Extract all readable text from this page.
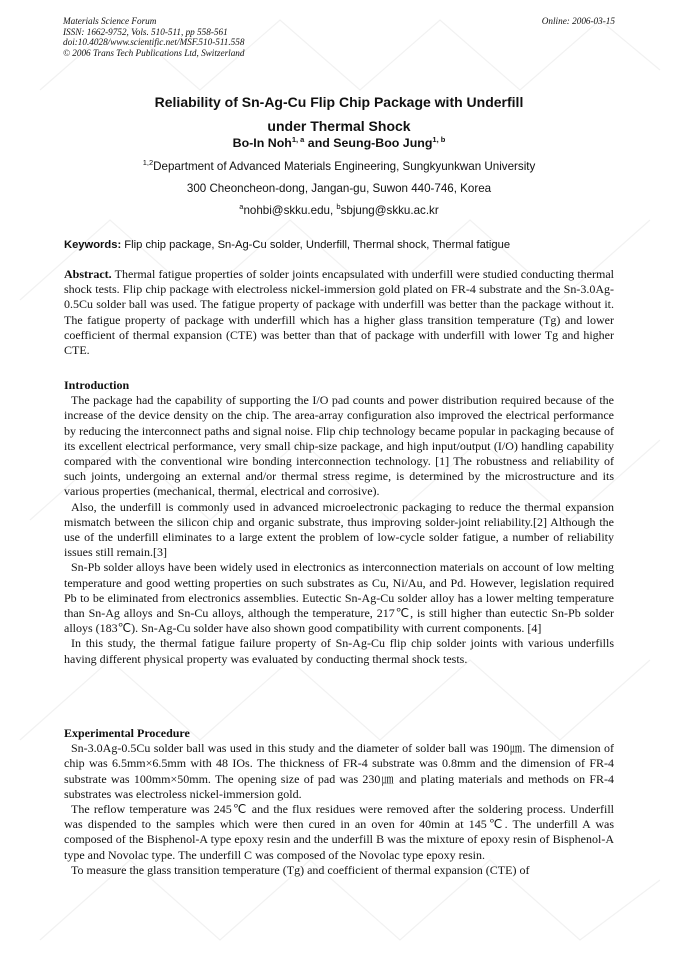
Materials Science Forum
ISSN: 1662-9752, Vols. 510-511, pp 558-561
doi:10.4028/www.scientific.net/MSF.510-511.558
© 2006 Trans Tech Publications Ltd, Switzerland
Online: 2006-03-15
Reliability of Sn-Ag-Cu Flip Chip Package with Underfill
under Thermal Shock
Bo-In Noh$^{1, a}$ and Seung-Boo Jung$^{1, b}$
$^{1,2}$Department of Advanced Materials Engineering, Sungkyunkwan University
300 Cheoncheon-dong, Jangan-gu, Suwon 440-746, Korea
$^a$nohbi@skku.edu, $^b$sbjung@skku.ac.kr
Keywords: Flip chip package, Sn-Ag-Cu solder, Underfill, Thermal shock, Thermal fatigue

Abstract. Thermal fatigue properties of solder joints encapsulated with underfill were studied conducting thermal shock tests. Flip chip package with electroless nickel-immersion gold plated on FR-4 substrate and the Sn-3.0Ag-0.5Cu solder ball was used. The fatigue property of package with underfill was better than the package without it. The fatigue property of package with underfill which has a higher glass transition temperature (Tg) and lower coefficient of thermal expansion (CTE) was better than that of package with underfill with lower Tg and higher CTE.

Introduction

The package had the capability of supporting the I/O pad counts and power distribution required because of the increase of the device density on the chip. The area-array configuration also improved the electrical performance by reducing the interconnect paths and signal noise. Flip chip technology became popular in packaging because of its excellent electrical performance, very small chip-size package, and high input/output (I/O) handling capability compared with the conventional wire bonding interconnection technology. [1] The robustness and reliability of such joints, undergoing an external and/or thermal stress regime, is determined by the microstructure and its various properties (mechanical, thermal, electrical and corrosive).

Also, the underfill is commonly used in advanced microelectronic packaging to reduce the thermal expansion mismatch between the silicon chip and organic substrate, thus improving solder-joint reliability.[2] Although the use of the underfill eliminates to a large extent the problem of low-cycle solder fatigue, a number of reliability issues still remain.[3]

Sn-Pb solder alloys have been widely used in electronics as interconnection materials on account of low melting temperature and good wetting properties on such substrates as Cu, Ni/Au, and Pd. However, legislation required Pb to be eliminated from electronics assemblies. Eutectic Sn-Ag-Cu solder alloy has a lower melting temperature than Sn-Ag alloys and Sn-Cu alloys, although the temperature, 217℃, is still higher than eutectic Sn-Pb solder alloys (183℃). Sn-Ag-Cu solder have also shown good compatibility with current components. [4]

In this study, the thermal fatigue failure property of Sn-Ag-Cu flip chip solder joints with various underfills having different physical property was evaluated by conducting thermal shock tests.

Experimental Procedure

Sn-3.0Ag-0.5Cu solder ball was used in this study and the diameter of solder ball was 190㎛. The dimension of chip was 6.5mm×6.5mm with 48 IOs. The thickness of FR-4 substrate was 0.8mm and the dimension of FR-4 substrate was 100mm×50mm. The opening size of pad was 230㎛ and plating materials and methods on FR-4 substrates was electroless nickel-immersion gold.

The reflow temperature was 245℃ and the flux residues were removed after the soldering process. Underfill was dispended to the samples which were then cured in an oven for 40min at 145℃. The underfill A was composed of the Bisphenol-A type epoxy resin and the underfill B was the mixture of epoxy resin of Bisphenol-A type and Novolac type. The underfill C was composed of the Novolac type epoxy resin.

To measure the glass transition temperature (Tg) and coefficient of thermal expansion (CTE) of
